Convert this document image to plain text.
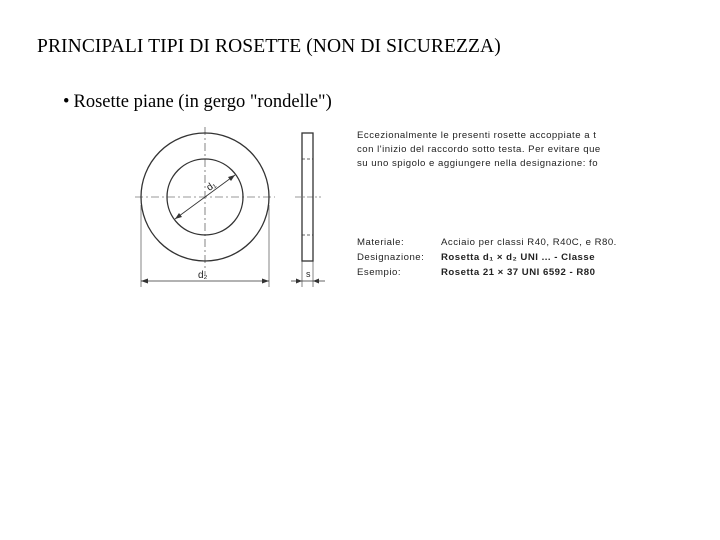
PRINCIPALI TIPI DI ROSETTE (NON DI SICUREZZA)
• Rosette piane (in gergo "rondelle")
d₁
d₂	s
Eccezionalmente le presenti rosette accoppiate a t
con l'inizio del raccordo sotto testa. Per evitare que
su uno spigolo e aggiungere nella designazione: fo
Materiale:	Acciaio per classi R40, R40C, e R80.
Designazione: Rosetta d₁ × d₂ UNI ... - Classe
Esempio:	Rosetta 21 × 37 UNI 6592 - R80
